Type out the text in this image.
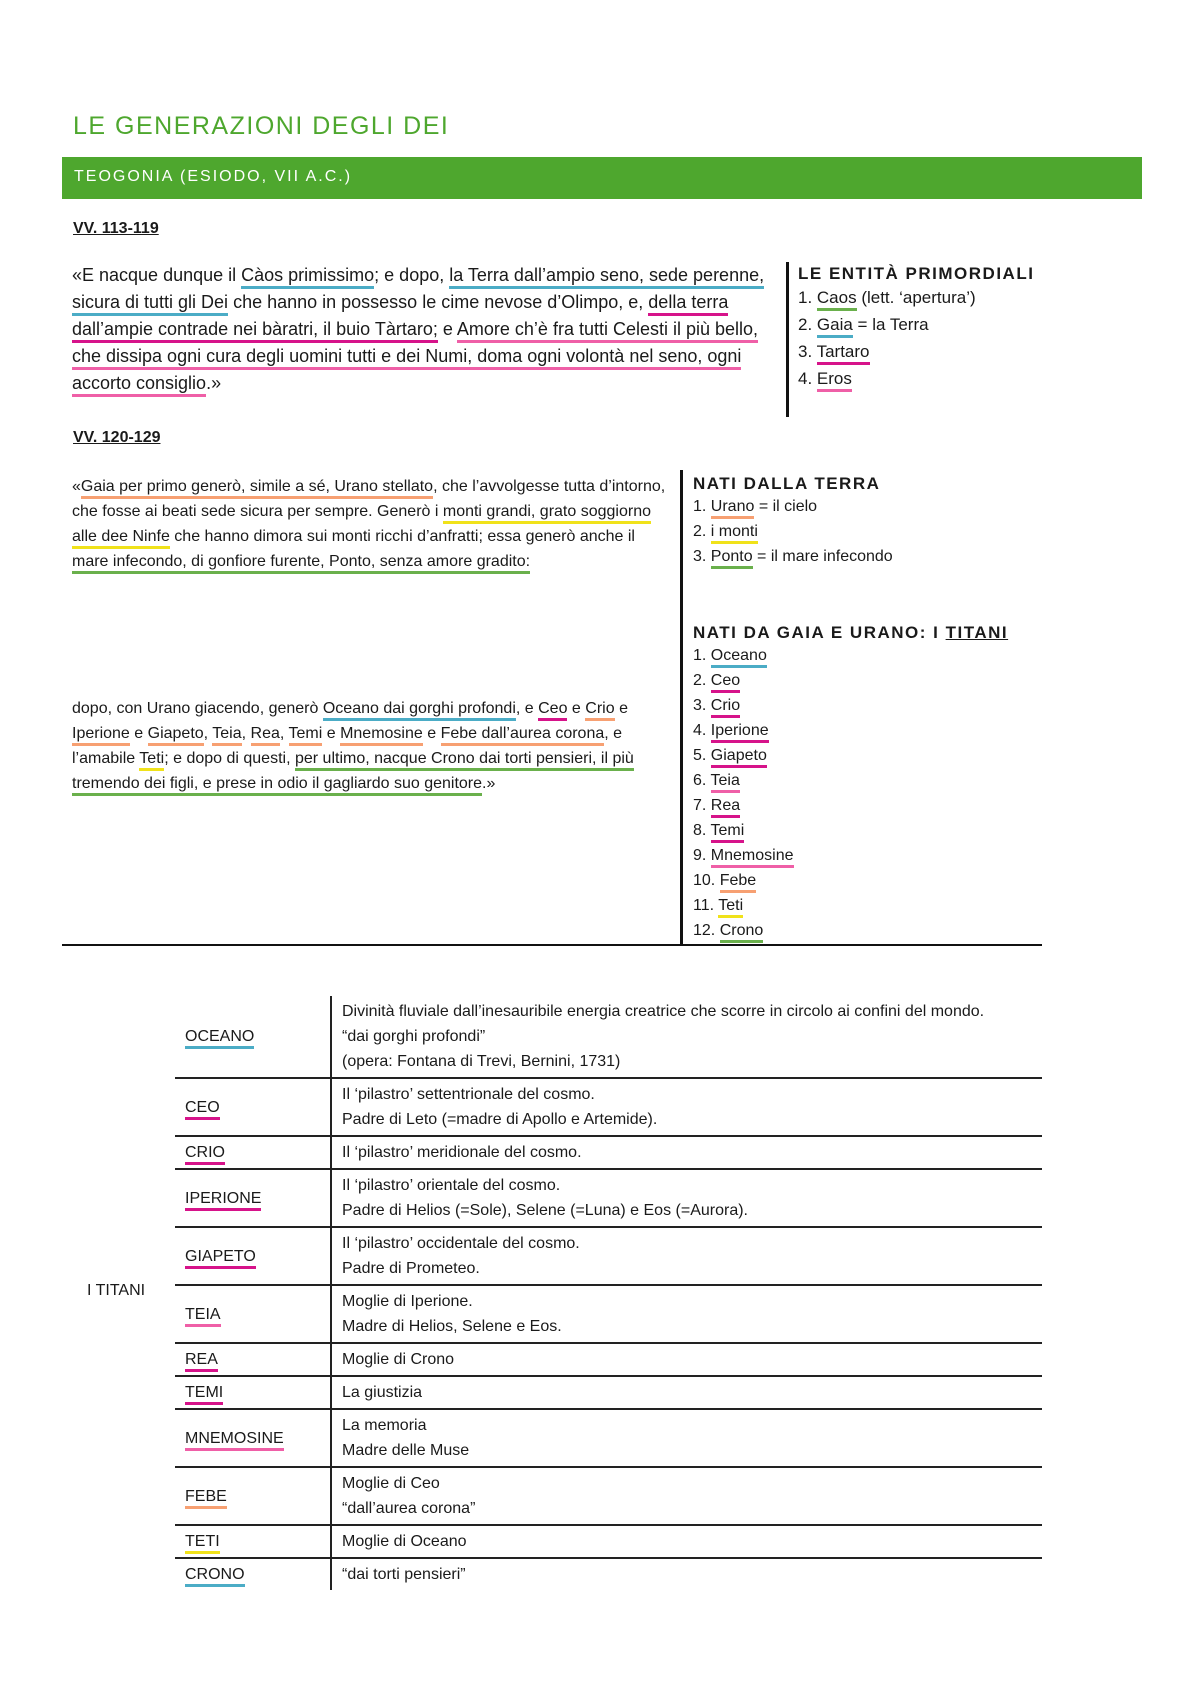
LE GENERAZIONI DEGLI DEI
TEOGONIA (ESIODO, VII A.C.)
VV. 113-119
«E nacque dunque il Càos primissimo; e dopo, la Terra dall’ampio seno, sede perenne, sicura di tutti gli Dei che hanno in possesso le cime nevose d’Olimpo, e, della terra dall’ampie contrade nei bàratri, il buio Tàrtaro; e Amore ch’è fra tutti Celesti il più bello, che dissipa ogni cura degli uomini tutti e dei Numi, doma ogni volontà nel seno, ogni accorto consiglio.»
LE ENTITÀ PRIMORDIALI
1. Caos (lett. ‘apertura’)
2. Gaia = la Terra
3. Tartaro
4. Eros
VV. 120-129
«Gaia per primo generò, simile a sé, Urano stellato, che l’avvolgesse tutta d’intorno, che fosse ai beati sede sicura per sempre. Generò i monti grandi, grato soggiorno alle dee Ninfe che hanno dimora sui monti ricchi d’anfratti; essa generò anche il mare infecondo, di gonfiore furente, Ponto, senza amore gradito:
dopo, con Urano giacendo, generò Oceano dai gorghi profondi, e Ceo e Crio e Iperione e Giapeto, Teia, Rea, Temi e Mnemosine e Febe dall’aurea corona, e l’amabile Teti; e dopo di questi, per ultimo, nacque Crono dai torti pensieri, il più tremendo dei figli, e prese in odio il gagliardo suo genitore.»
NATI DALLA TERRA
1. Urano = il cielo
2. i monti
3. Ponto = il mare infecondo
NATI DA GAIA E URANO: I TITANI
1. Oceano
2. Ceo
3. Crio
4. Iperione
5. Giapeto
6. Teia
7. Rea
8. Temi
9. Mnemosine
10. Febe
11. Teti
12. Crono
I TITANI
OCEANO	Divinità fluviale dall’inesauribile energia creatrice che scorre in circolo ai confini del mondo.
“dai gorghi profondi”
(opera: Fontana di Trevi, Bernini, 1731)

CEO	Il ‘pilastro’ settentrionale del cosmo.
Padre di Leto (=madre di Apollo e Artemide).

CRIO	Il ‘pilastro’ meridionale del cosmo.

IPERIONE	Il ‘pilastro’ orientale del cosmo.
Padre di Helios (=Sole), Selene (=Luna) e Eos (=Aurora).

GIAPETO	Il ‘pilastro’ occidentale del cosmo.
Padre di Prometeo.

TEIA	Moglie di Iperione.
Madre di Helios, Selene e Eos.

REA	Moglie di Crono

TEMI	La giustizia

MNEMOSINE	La memoria
Madre delle Muse

FEBE	Moglie di Ceo
“dall’aurea corona”

TETI	Moglie di Oceano

CRONO	“dai torti pensieri”
